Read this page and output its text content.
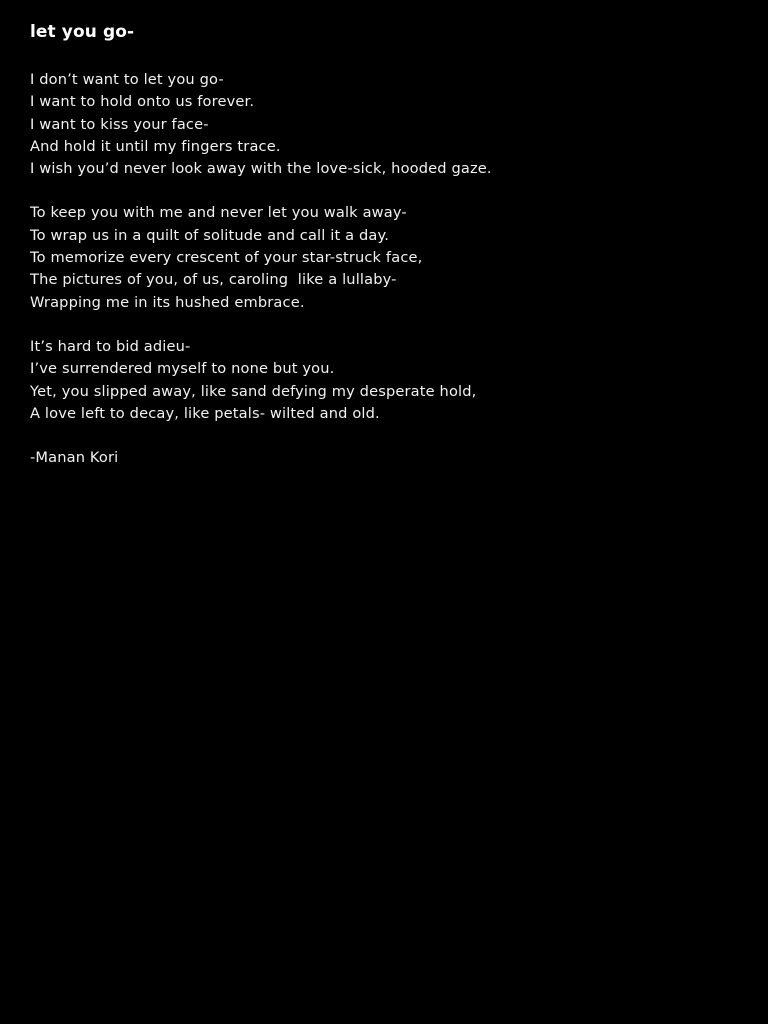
let you go-
I don’t want to let you go-
I want to hold onto us forever.
I want to kiss your face-
And hold it until my fingers trace.
I wish you’d never look away with the love-sick, hooded gaze.
To keep you with me and never let you walk away-
To wrap us in a quilt of solitude and call it a day.
To memorize every crescent of your star-struck face,
The pictures of you, of us, caroling  like a lullaby-
Wrapping me in its hushed embrace.
It’s hard to bid adieu-
I’ve surrendered myself to none but you.
Yet, you slipped away, like sand defying my desperate hold,
A love left to decay, like petals- wilted and old.
-Manan Kori
